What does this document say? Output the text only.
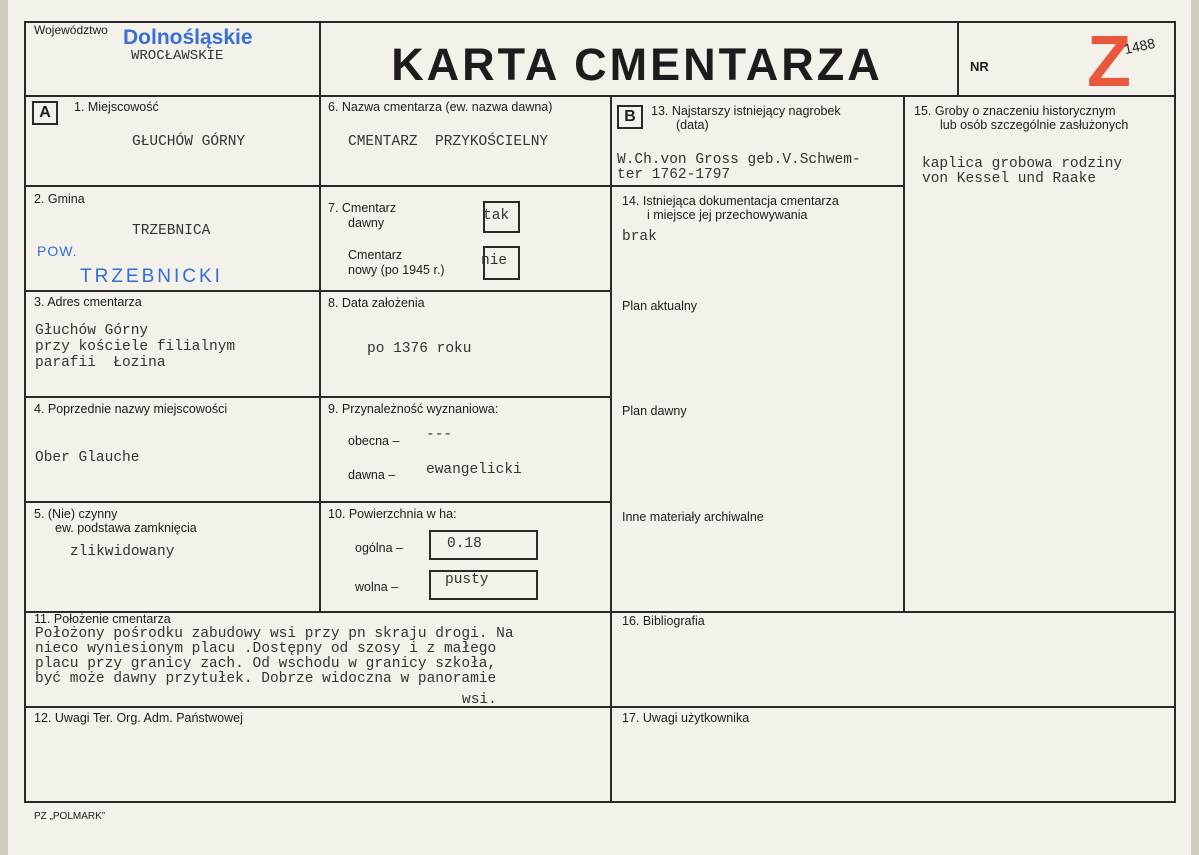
Województwo Dolnośląskie
WROCŁAWSKIE	KARTA CMENTARZA	NR Z
1488
A	B
1. Miejscowość
GŁUCHÓW GÓRNY
2. Gmina
TRZEBNICA
POW.
TRZEBNICKI
3. Adres cmentarza
Głuchów Górny
przy kościele filialnym
parafii  Łozina
4. Poprzednie nazwy miejscowości
Ober Glauche
5. (Nie) czynny
ew. podstawa zamknięcia
zlikwidowany
6. Nazwa cmentarza (ew. nazwa dawna)
CMENTARZ  PRZYKOŚCIELNY
7. Cmentarz
dawny	tak
Cmentarz
nowy (po 1945 r.)
nie
8. Data założenia
po 1376 roku
9. Przynależność wyznaniowa:
obecna – ---
dawna – ewangelicki
10. Powierzchnia w ha:
ogólna –	0.18
wolna –	pusty
11. Położenie cmentarza
Położony pośrodku zabudowy wsi przy pn skraju drogi. Na
nieco wyniesionym placu .Dostępny od szosy i z małego
placu przy granicy zach. Od wschodu w granicy szkoła,
być może dawny przytułek. Dobrze widoczna w panoramie
wsi.
12. Uwagi Ter. Org. Adm. Państwowej
13. Najstarszy istniejący nagrobek
(data)
W.Ch.von Gross geb.V.Schwem-
ter 1762-1797
14. Istniejąca dokumentacja cmentarza
i miejsce jej przechowywania
brak
Plan aktualny
Plan dawny
Inne materiały archiwalne
15. Groby o znaczeniu historycznym
lub osób szczególnie zasłużonych
kaplica grobowa rodziny
von Kessel und Raake
16. Bibliografia
17. Uwagi użytkownika
PZ „POLMARK”
